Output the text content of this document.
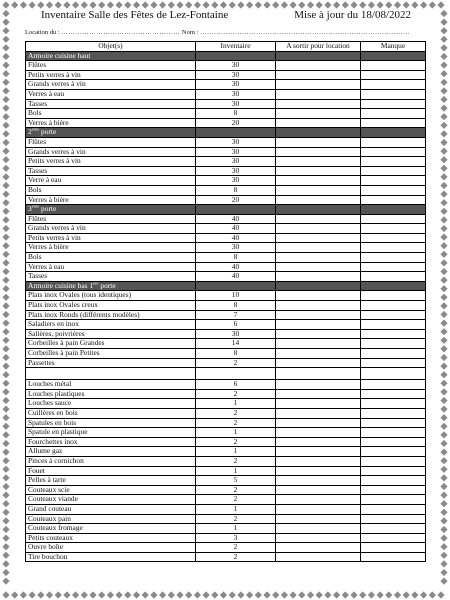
Inventaire Salle des Fêtes de Lez-Fontaine	Mise à jour du 18/08/2022
Location du : …………………………………………… Nom : ………………………………………………………………………………
Objet(s)	Inventaire	A sortir pour location	Manque
Armoire cuisine haut			
Flûtes	30		
Petits verres à vin	30		
Grands verres à vin	30		
Verres à eau	30		
Tasses	30		
Bols	8		
Verres à bière	20		
2ème porte			
Flûtes	30		
Grands verres à vin	30		
Petits verres à vin	30		
Tasses	30		
Verre à eau	30		
Bols	8		
Verres à bière	20		
3ème porte			
Flûtes	40		
Grands verres à vin	40		
Petits verres à vin	40		
Verres à bière	30		
Bols	8		
Verres à eau	40		
Tasses	40		
Armoire cuisine bas 1ère porte			
Plats inox Ovales (tous identiques)	10		
Plats inox Ovales creux	8		
Plats inox Ronds (différents modèles)	7		
Saladiers en inox	6		
Salières, poivrières	30		
Corbeilles à pain Grandes	14		
Corbeilles à pain Petites	8		
Passettes	2		

Louches métal	6		
Louches plastiques	2		
Louches sauce	1		
Cuillères en bois	2		
Spatules en bois	2		
Spatule en plastique	1		
Fourchettes inox	2		
Allume gaz	1		
Pinces à cornichon	2		
Fouet	1		
Pelles à tarte	5		
Couteaux scie	2		
Couteaux viande	2		
Grand couteau	1		
Couteaux pain	2		
Couteaux fromage	1		
Petits couteaux	3		
Ouvre boîte	2		
Tire bouchon	2		
